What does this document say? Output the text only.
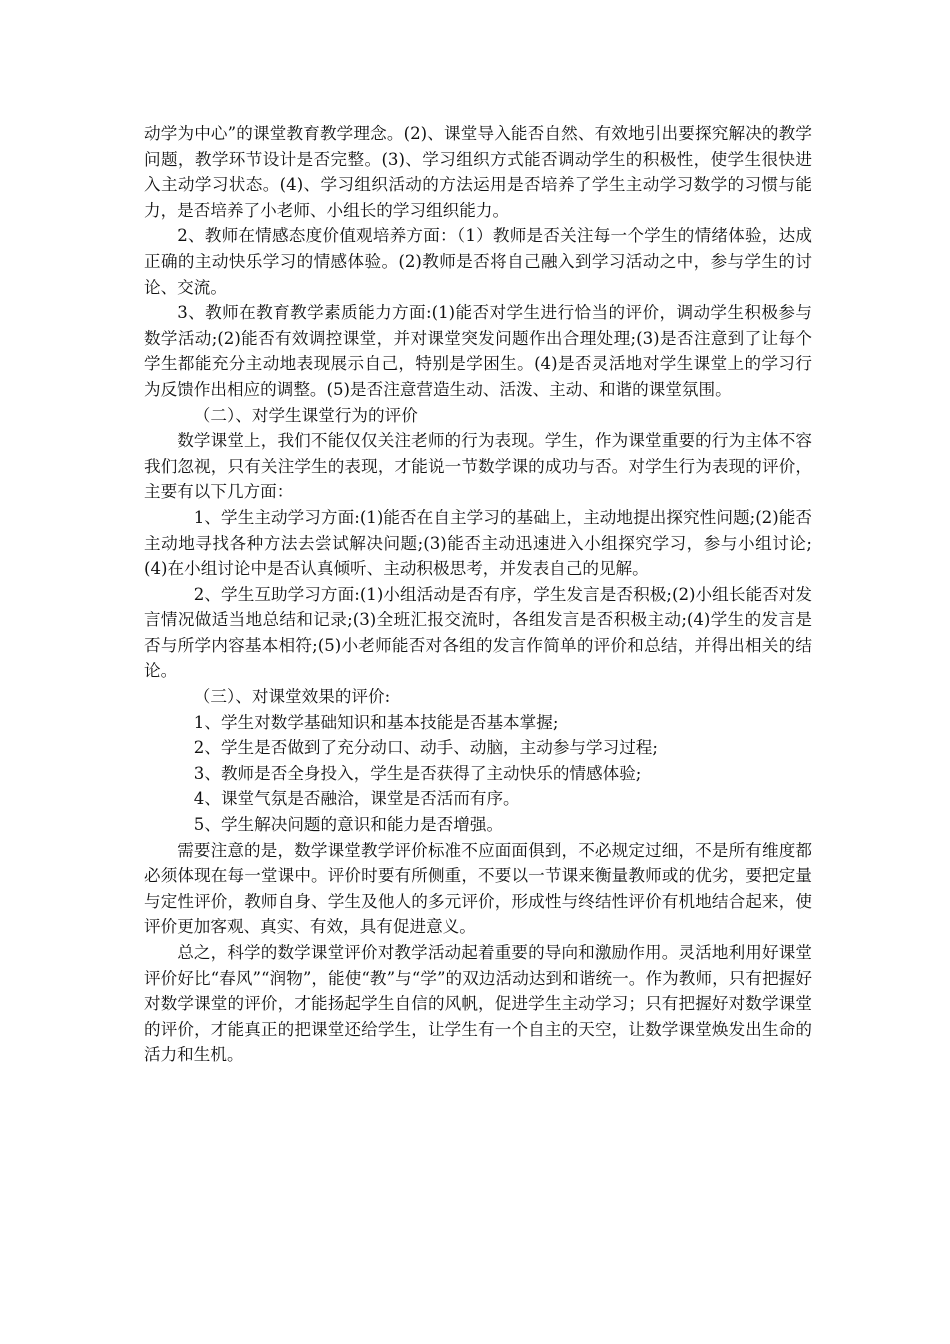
动学为中心”的课堂教育教学理念。(2)、课堂导入能否自然、有效地引出要探究解决的教学问题，教学环节设计是否完整。(3)、学习组织方式能否调动学生的积极性，使学生很快进入主动学习状态。(4)、学习组织活动的方法运用是否培养了学生主动学习数学的习惯与能力，是否培养了小老师、小组长的学习组织能力。

2、教师在情感态度价值观培养方面：（1）教师是否关注每一个学生的情绪体验，达成正确的主动快乐学习的情感体验。(2)教师是否将自己融入到学习活动之中，参与学生的讨论、交流。

3、教师在教育教学素质能力方面:(1)能否对学生进行恰当的评价，调动学生积极参与数学活动;(2)能否有效调控课堂，并对课堂突发问题作出合理处理;(3)是否注意到了让每个学生都能充分主动地表现展示自己，特别是学困生。(4)是否灵活地对学生课堂上的学习行为反馈作出相应的调整。(5)是否注意营造生动、活泼、主动、和谐的课堂氛围。

（二）、对学生课堂行为的评价

数学课堂上，我们不能仅仅关注老师的行为表现。学生，作为课堂重要的行为主体不容我们忽视，只有关注学生的表现，才能说一节数学课的成功与否。对学生行为表现的评价，主要有以下几方面：

1、学生主动学习方面:(1)能否在自主学习的基础上，主动地提出探究性问题;(2)能否主动地寻找各种方法去尝试解决问题;(3)能否主动迅速进入小组探究学习，参与小组讨论;(4)在小组讨论中是否认真倾听、主动积极思考，并发表自己的见解。

2、学生互助学习方面:(1)小组活动是否有序，学生发言是否积极;(2)小组长能否对发言情况做适当地总结和记录;(3)全班汇报交流时，各组发言是否积极主动;(4)学生的发言是否与所学内容基本相符;(5)小老师能否对各组的发言作简单的评价和总结，并得出相关的结论。

（三）、对课堂效果的评价:

1、学生对数学基础知识和基本技能是否基本掌握;

2、学生是否做到了充分动口、动手、动脑，主动参与学习过程;

3、教师是否全身投入，学生是否获得了主动快乐的情感体验;

4、课堂气氛是否融洽，课堂是否活而有序。

5、学生解决问题的意识和能力是否增强。

需要注意的是，数学课堂教学评价标准不应面面俱到，不必规定过细，不是所有维度都必须体现在每一堂课中。评价时要有所侧重，不要以一节课来衡量教师或的优劣，要把定量与定性评价，教师自身、学生及他人的多元评价，形成性与终结性评价有机地结合起来，使评价更加客观、真实、有效，具有促进意义。

总之，科学的数学课堂评价对教学活动起着重要的导向和激励作用。灵活地利用好课堂评价好比“春风”“润物”，能使“教”与“学”的双边活动达到和谐统一。作为教师，只有把握好对数学课堂的评价，才能扬起学生自信的风帆，促进学生主动学习；只有把握好对数学课堂的评价，才能真正的把课堂还给学生，让学生有一个自主的天空，让数学课堂焕发出生命的活力和生机。
